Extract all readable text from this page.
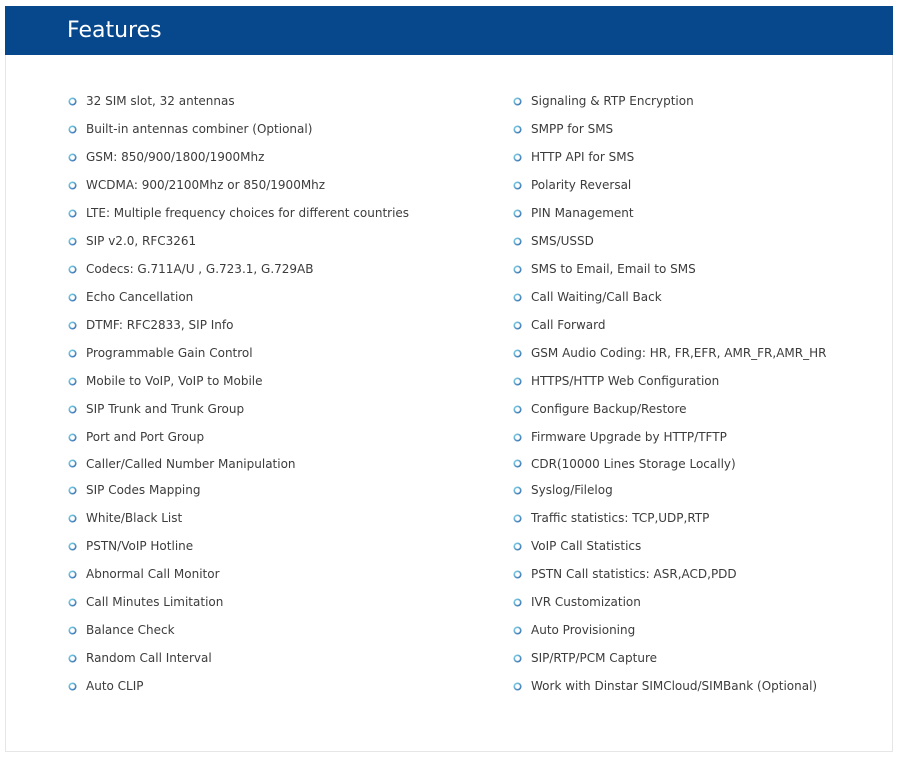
Features
32 SIM slot, 32 antennas
Built-in antennas combiner (Optional)
GSM: 850/900/1800/1900Mhz
WCDMA: 900/2100Mhz or 850/1900Mhz
LTE: Multiple frequency choices for different countries
SIP v2.0, RFC3261
Codecs: G.711A/U , G.723.1, G.729AB
Echo Cancellation
DTMF: RFC2833, SIP Info
Programmable Gain Control
Mobile to VoIP, VoIP to Mobile
SIP Trunk and Trunk Group
Port and Port Group
Caller/Called Number Manipulation
SIP Codes Mapping
White/Black List
PSTN/VoIP Hotline
Abnormal Call Monitor
Call Minutes Limitation
Balance Check
Random Call Interval
Auto CLIP
Signaling & RTP Encryption
SMPP for SMS
HTTP API for SMS
Polarity Reversal
PIN Management
SMS/USSD
SMS to Email, Email to SMS
Call Waiting/Call Back
Call Forward
GSM Audio Coding: HR, FR,EFR, AMR_FR,AMR_HR
HTTPS/HTTP Web Configuration
Configure Backup/Restore
Firmware Upgrade by HTTP/TFTP
CDR(10000 Lines Storage Locally)
Syslog/Filelog
Traffic statistics: TCP,UDP,RTP
VoIP Call Statistics
PSTN Call statistics: ASR,ACD,PDD
IVR Customization
Auto Provisioning
SIP/RTP/PCM Capture
Work with Dinstar SIMCloud/SIMBank (Optional)
